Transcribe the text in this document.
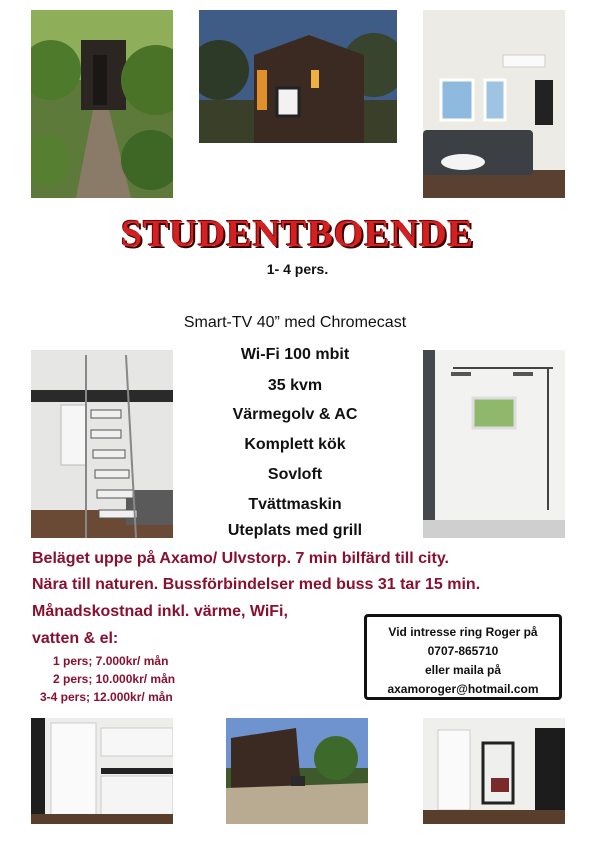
STUDENTBOENDE
1- 4 pers.
Smart-TV 40” med Chromecast
Wi-Fi 100 mbit
35 kvm
Värmegolv & AC
Komplett kök
Sovloft
Tvättmaskin
Uteplats med grill
Beläget uppe på Axamo/ Ulvstorp. 7 min bilfärd till city.
Nära till naturen. Bussförbindelser med buss 31 tar 15 min.
Månadskostnad inkl. värme, WiFi,
vatten & el:
1 pers; 7.000kr/ mån
2 pers; 10.000kr/ mån
3-4 pers; 12.000kr/ mån
Vid intresse ring Roger på
0707-865710
eller maila på
axamoroger@hotmail.com
